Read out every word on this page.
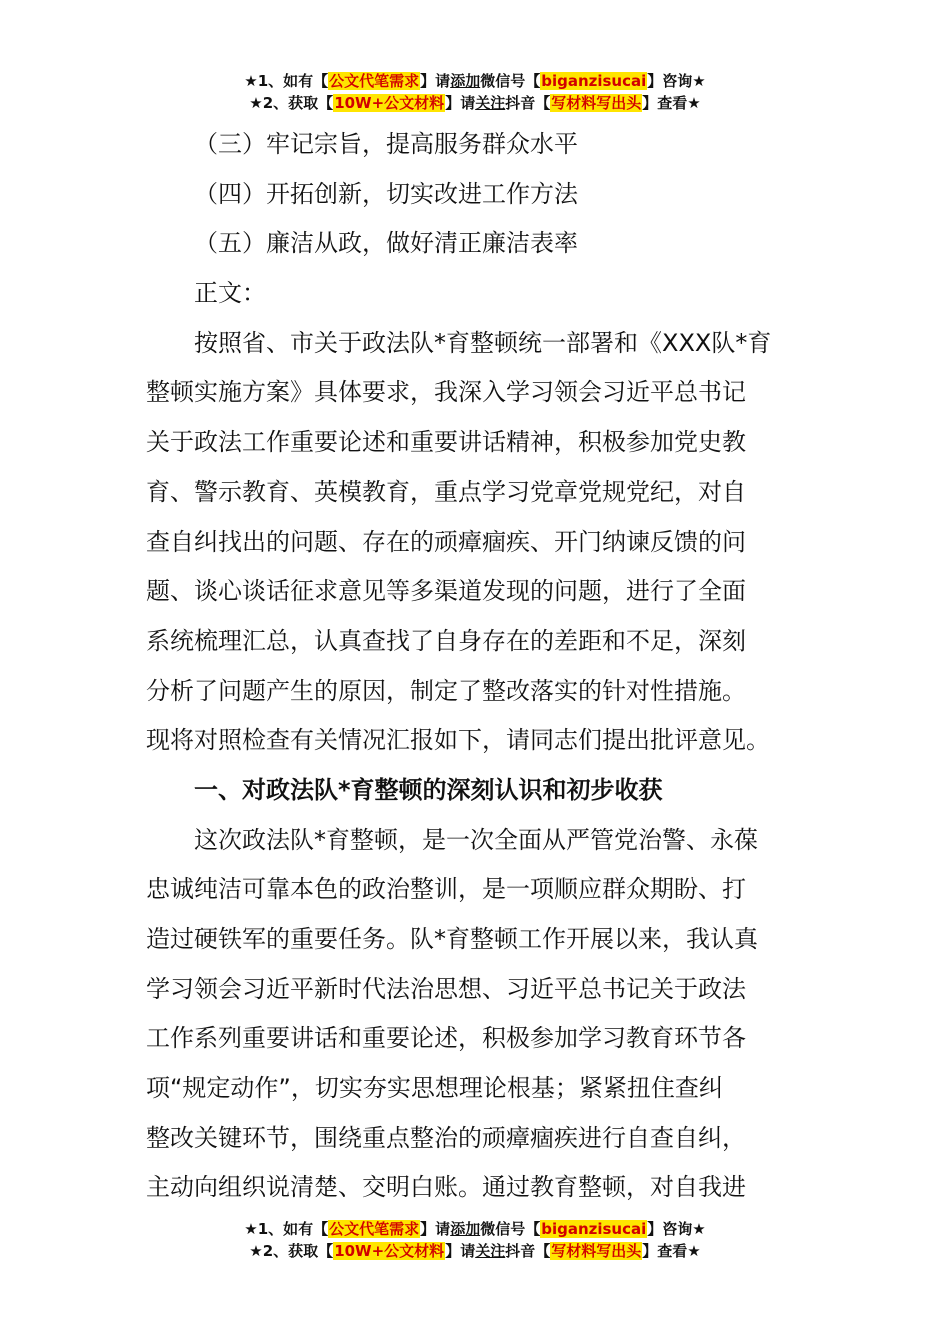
★1、如有【公文代笔需求】请添加微信号【biganzisucai】咨询★
★2、获取【10W+公文材料】请关注抖音【写材料写出头】查看★
（三）牢记宗旨，提高服务群众水平
（四）开拓创新，切实改进工作方法
（五）廉洁从政，做好清正廉洁表率
正文：
按照省、市关于政法队*育整顿统一部署和《XXX队*育
整顿实施方案》具体要求，我深入学习领会习近平总书记
关于政法工作重要论述和重要讲话精神，积极参加党史教
育、警示教育、英模教育，重点学习党章党规党纪，对自
查自纠找出的问题、存在的顽瘴痼疾、开门纳谏反馈的问
题、谈心谈话征求意见等多渠道发现的问题，进行了全面
系统梳理汇总，认真查找了自身存在的差距和不足，深刻
分析了问题产生的原因，制定了整改落实的针对性措施。
现将对照检查有关情况汇报如下，请同志们提出批评意见。
一、对政法队*育整顿的深刻认识和初步收获
这次政法队*育整顿，是一次全面从严管党治警、永葆
忠诚纯洁可靠本色的政治整训，是一项顺应群众期盼、打
造过硬铁军的重要任务。队*育整顿工作开展以来，我认真
学习领会习近平新时代法治思想、习近平总书记关于政法
工作系列重要讲话和重要论述，积极参加学习教育环节各
项“规定动作”，切实夯实思想理论根基；紧紧扭住查纠
整改关键环节，围绕重点整治的顽瘴痼疾进行自查自纠，
主动向组织说清楚、交明白账。通过教育整顿，对自我进
★1、如有【公文代笔需求】请添加微信号【biganzisucai】咨询★
★2、获取【10W+公文材料】请关注抖音【写材料写出头】查看★
